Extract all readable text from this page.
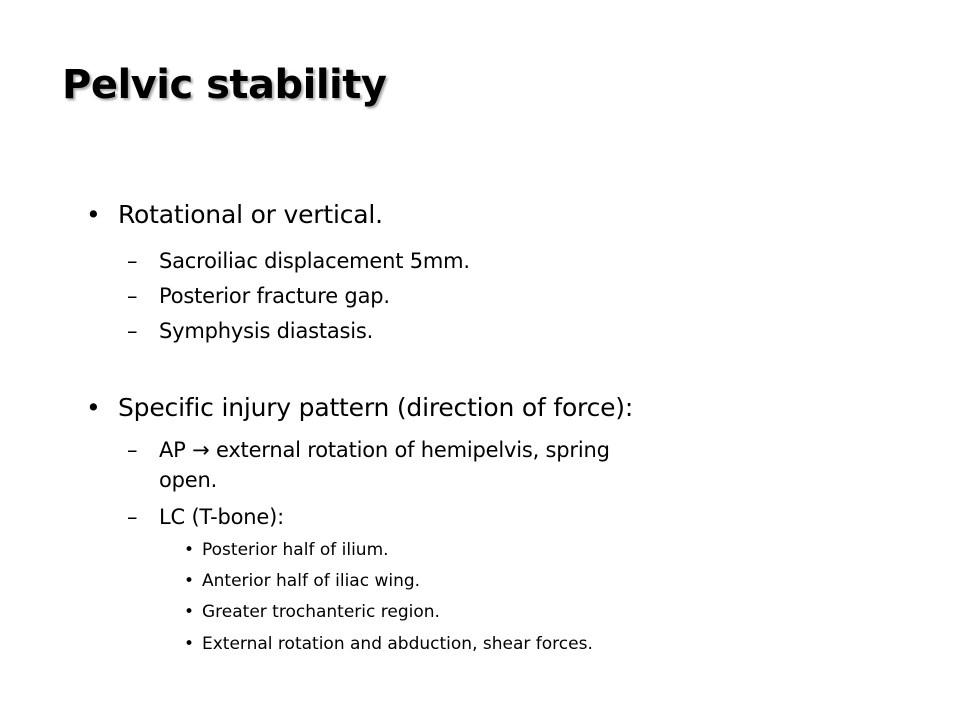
Pelvic stability
• Rotational or vertical.
– Sacroiliac displacement 5mm.
– Posterior fracture gap.
– Symphysis diastasis.
• Specific injury pattern (direction of force):
– AP → external rotation of hemipelvis, spring
open.
– LC (T-bone):
• Posterior half of ilium.
• Anterior half of iliac wing.
• Greater trochanteric region.
• External rotation and abduction, shear forces.
